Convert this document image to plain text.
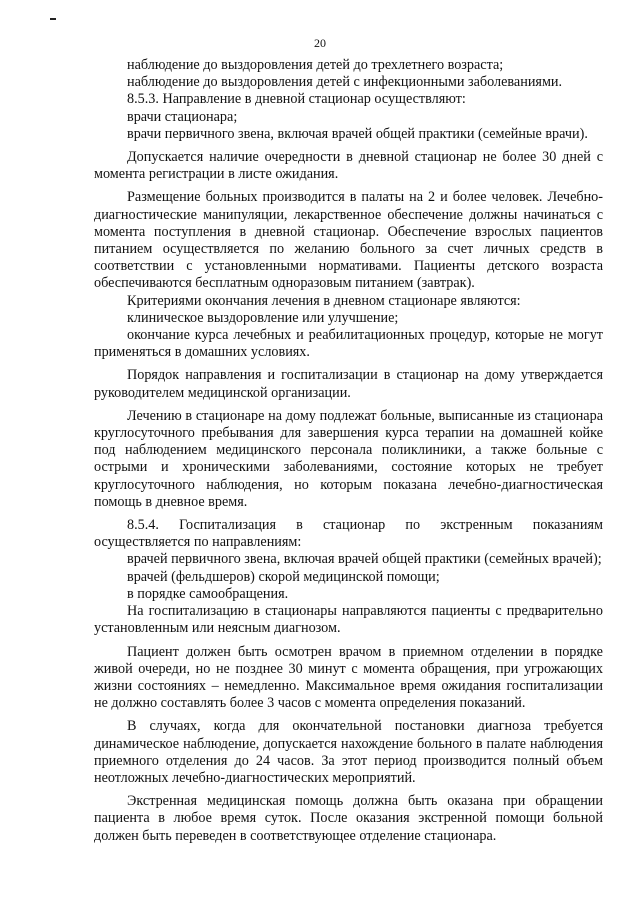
20

наблюдение до выздоровления детей до трехлетнего возраста;

наблюдение до выздоровления детей с инфекционными заболеваниями.

8.5.3. Направление в дневной стационар осуществляют:

врачи стационара;

врачи первичного звена, включая врачей общей практики (семейные врачи).

Допускается наличие очередности в дневной стационар не более 30 дней с момента регистрации в листе ожидания.

Размещение больных производится в палаты на 2 и более человек. Лечебно-диагностические манипуляции, лекарственное обеспечение должны начинаться с момента поступления в дневной стационар. Обеспечение взрослых пациентов питанием осуществляется по желанию больного за счет личных средств в соответствии с установленными нормативами. Пациенты детского возраста обеспечиваются бесплатным одноразовым питанием (завтрак).

Критериями окончания лечения в дневном стационаре являются:

клиническое выздоровление или улучшение;

окончание курса лечебных и реабилитационных процедур, которые не могут применяться в домашних условиях.

Порядок направления и госпитализации в стационар на дому утверждается руководителем медицинской организации.

Лечению в стационаре на дому подлежат больные, выписанные из стационара круглосуточного пребывания для завершения курса терапии на домашней койке под наблюдением медицинского персонала поликлиники, а также больные с острыми и хроническими заболеваниями, состояние которых не требует круглосуточного наблюдения, но которым показана лечебно-диагностическая помощь в дневное время.

8.5.4. Госпитализация в стационар по экстренным показаниям осуществляется по направлениям:

врачей первичного звена, включая врачей общей практики (семейных врачей);

врачей (фельдшеров) скорой медицинской помощи;

в порядке самообращения.

На госпитализацию в стационары направляются пациенты с предварительно установленным или неясным диагнозом.

Пациент должен быть осмотрен врачом в приемном отделении в порядке живой очереди, но не позднее 30 минут с момента обращения, при угрожающих жизни состояниях – немедленно. Максимальное время ожидания госпитализации не должно составлять более 3 часов с момента определения показаний.

В случаях, когда для окончательной постановки диагноза требуется динамическое наблюдение, допускается нахождение больного в палате наблюдения приемного отделения до 24 часов. За этот период производится полный объем неотложных лечебно-диагностических мероприятий.

Экстренная медицинская помощь должна быть оказана при обращении пациента в любое время суток. После оказания экстренной помощи больной должен быть переведен в соответствующее отделение стационара.
